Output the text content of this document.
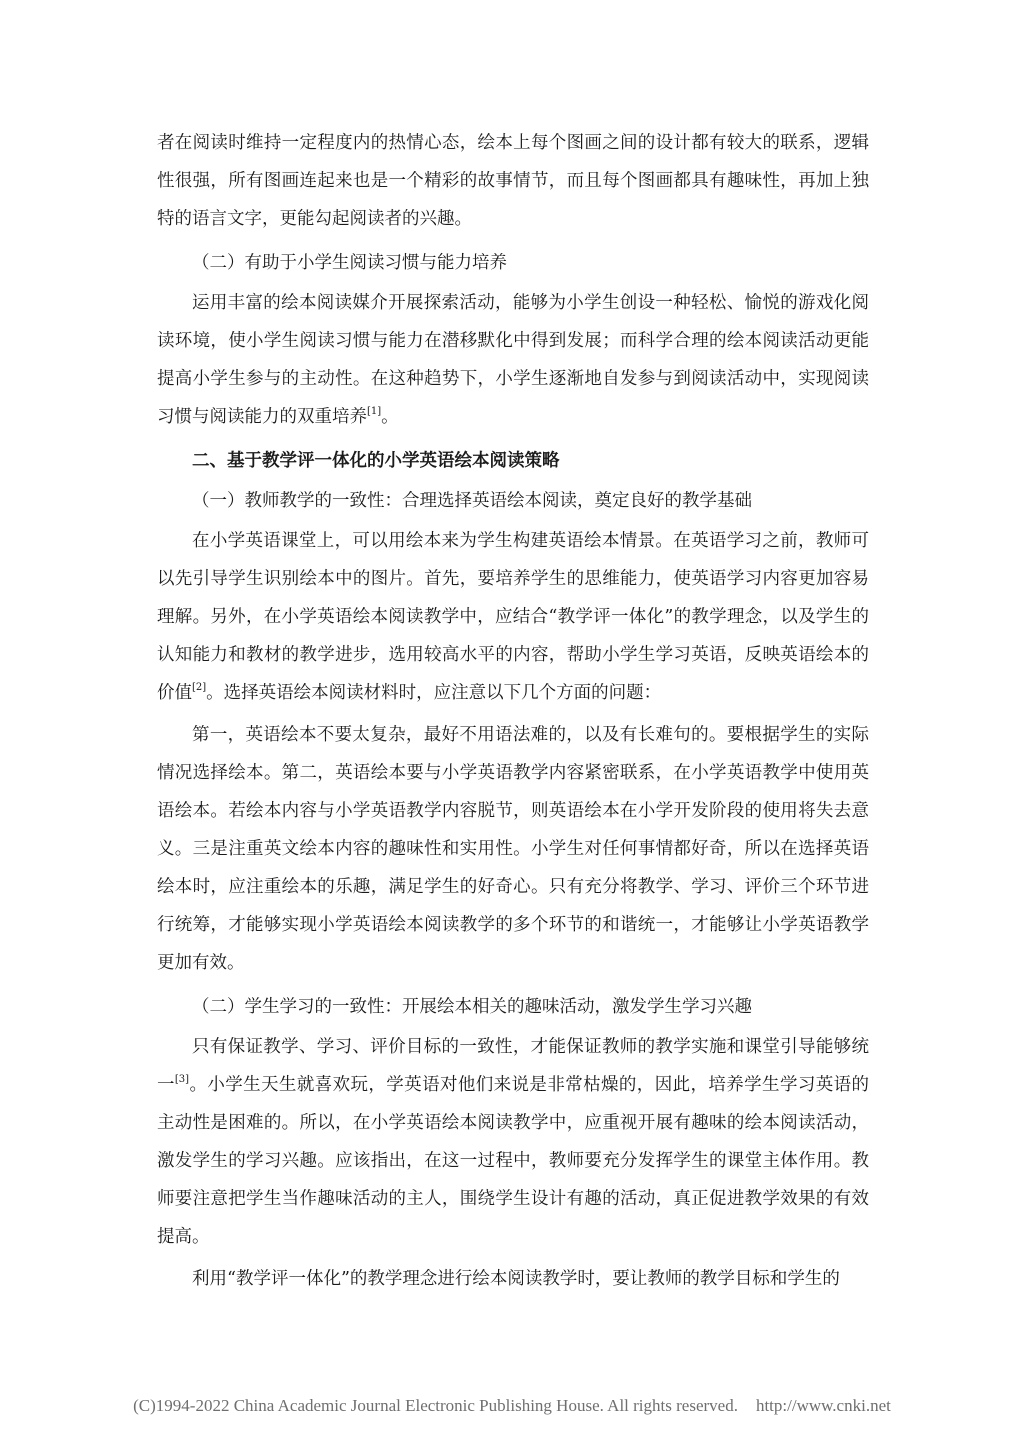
者在阅读时维持一定程度内的热情心态，绘本上每个图画之间的设计都有较大的联系，逻辑性很强，所有图画连起来也是一个精彩的故事情节，而且每个图画都具有趣味性，再加上独特的语言文字，更能勾起阅读者的兴趣。

（二）有助于小学生阅读习惯与能力培养

运用丰富的绘本阅读媒介开展探索活动，能够为小学生创设一种轻松、愉悦的游戏化阅读环境，使小学生阅读习惯与能力在潜移默化中得到发展；而科学合理的绘本阅读活动更能提高小学生参与的主动性。在这种趋势下，小学生逐渐地自发参与到阅读活动中，实现阅读习惯与阅读能力的双重培养[1]。

二、基于教学评一体化的小学英语绘本阅读策略

（一）教师教学的一致性：合理选择英语绘本阅读，奠定良好的教学基础

在小学英语课堂上，可以用绘本来为学生构建英语绘本情景。在英语学习之前，教师可以先引导学生识别绘本中的图片。首先，要培养学生的思维能力，使英语学习内容更加容易理解。另外，在小学英语绘本阅读教学中，应结合“教学评一体化”的教学理念，以及学生的认知能力和教材的教学进步，选用较高水平的内容，帮助小学生学习英语，反映英语绘本的价值[2]。选择英语绘本阅读材料时，应注意以下几个方面的问题：

第一，英语绘本不要太复杂，最好不用语法难的，以及有长难句的。要根据学生的实际情况选择绘本。第二，英语绘本要与小学英语教学内容紧密联系，在小学英语教学中使用英语绘本。若绘本内容与小学英语教学内容脱节，则英语绘本在小学开发阶段的使用将失去意义。三是注重英文绘本内容的趣味性和实用性。小学生对任何事情都好奇，所以在选择英语绘本时，应注重绘本的乐趣，满足学生的好奇心。只有充分将教学、学习、评价三个环节进行统筹，才能够实现小学英语绘本阅读教学的多个环节的和谐统一，才能够让小学英语教学更加有效。

（二）学生学习的一致性：开展绘本相关的趣味活动，激发学生学习兴趣

只有保证教学、学习、评价目标的一致性，才能保证教师的教学实施和课堂引导能够统一[3]。小学生天生就喜欢玩，学英语对他们来说是非常枯燥的，因此，培养学生学习英语的主动性是困难的。所以，在小学英语绘本阅读教学中，应重视开展有趣味的绘本阅读活动，激发学生的学习兴趣。应该指出，在这一过程中，教师要充分发挥学生的课堂主体作用。教师要注意把学生当作趣味活动的主人，围绕学生设计有趣的活动，真正促进教学效果的有效提高。

利用“教学评一体化”的教学理念进行绘本阅读教学时，要让教师的教学目标和学生的

(C)1994-2022 China Academic Journal Electronic Publishing House. All rights reserved. http://www.cnki.net
